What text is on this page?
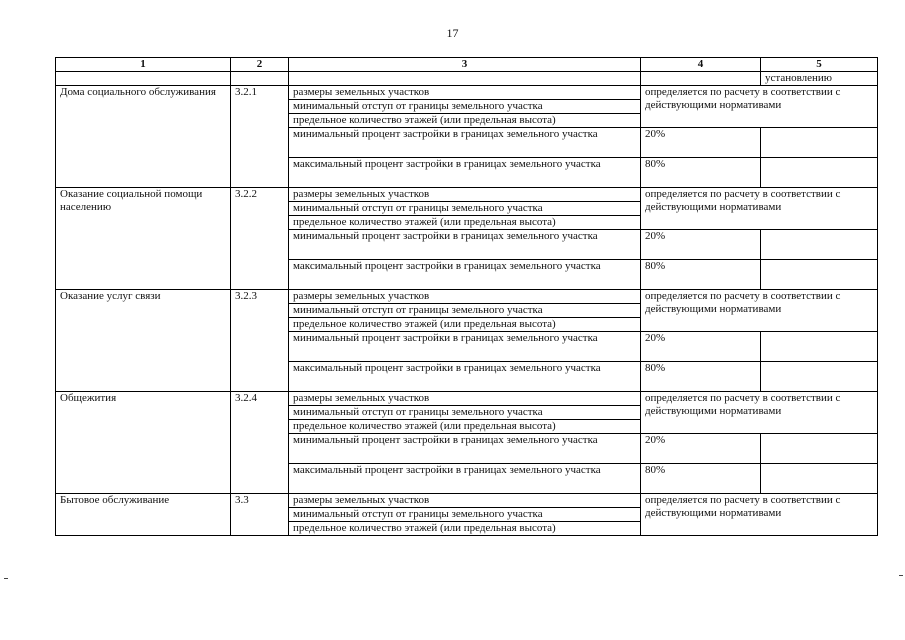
17
1	2	3	4	5
				установлению
Дома социального обслуживания	3.2.1	размеры земельных участков	определяется по расчету в соответствии с действующими нормативами	

		минимальный отступ от границы земельного участка		
		предельное количество этажей (или предельная высота)		
		минимальный процент застройки в границах земельного участка	20%	
		максимальный процент застройки в границах земельного участка	80%	
Оказание социальной помощи населению	3.2.2	размеры земельных участков	определяется по расчету в соответствии с действующими нормативами	

		минимальный отступ от границы земельного участка		
		предельное количество этажей (или предельная высота)		
		минимальный процент застройки в границах земельного участка	20%	
		максимальный процент застройки в границах земельного участка	80%	
Оказание услуг связи	3.2.3	размеры земельных участков	определяется по расчету в соответствии с действующими нормативами	

		минимальный отступ от границы земельного участка		
		предельное количество этажей (или предельная высота)		
		минимальный процент застройки в границах земельного участка	20%	
		максимальный процент застройки в границах земельного участка	80%	
Общежития	3.2.4	размеры земельных участков	определяется по расчету в соответствии с действующими нормативами	

		минимальный отступ от границы земельного участка		
		предельное количество этажей (или предельная высота)		
		минимальный процент застройки в границах земельного участка	20%	
		максимальный процент застройки в границах земельного участка	80%	
Бытовое обслуживание	3.3	размеры земельных участков	определяется по расчету в соответствии с действующими нормативами	

		минимальный отступ от границы земельного участка		
		предельное количество этажей (или предельная высота)		
